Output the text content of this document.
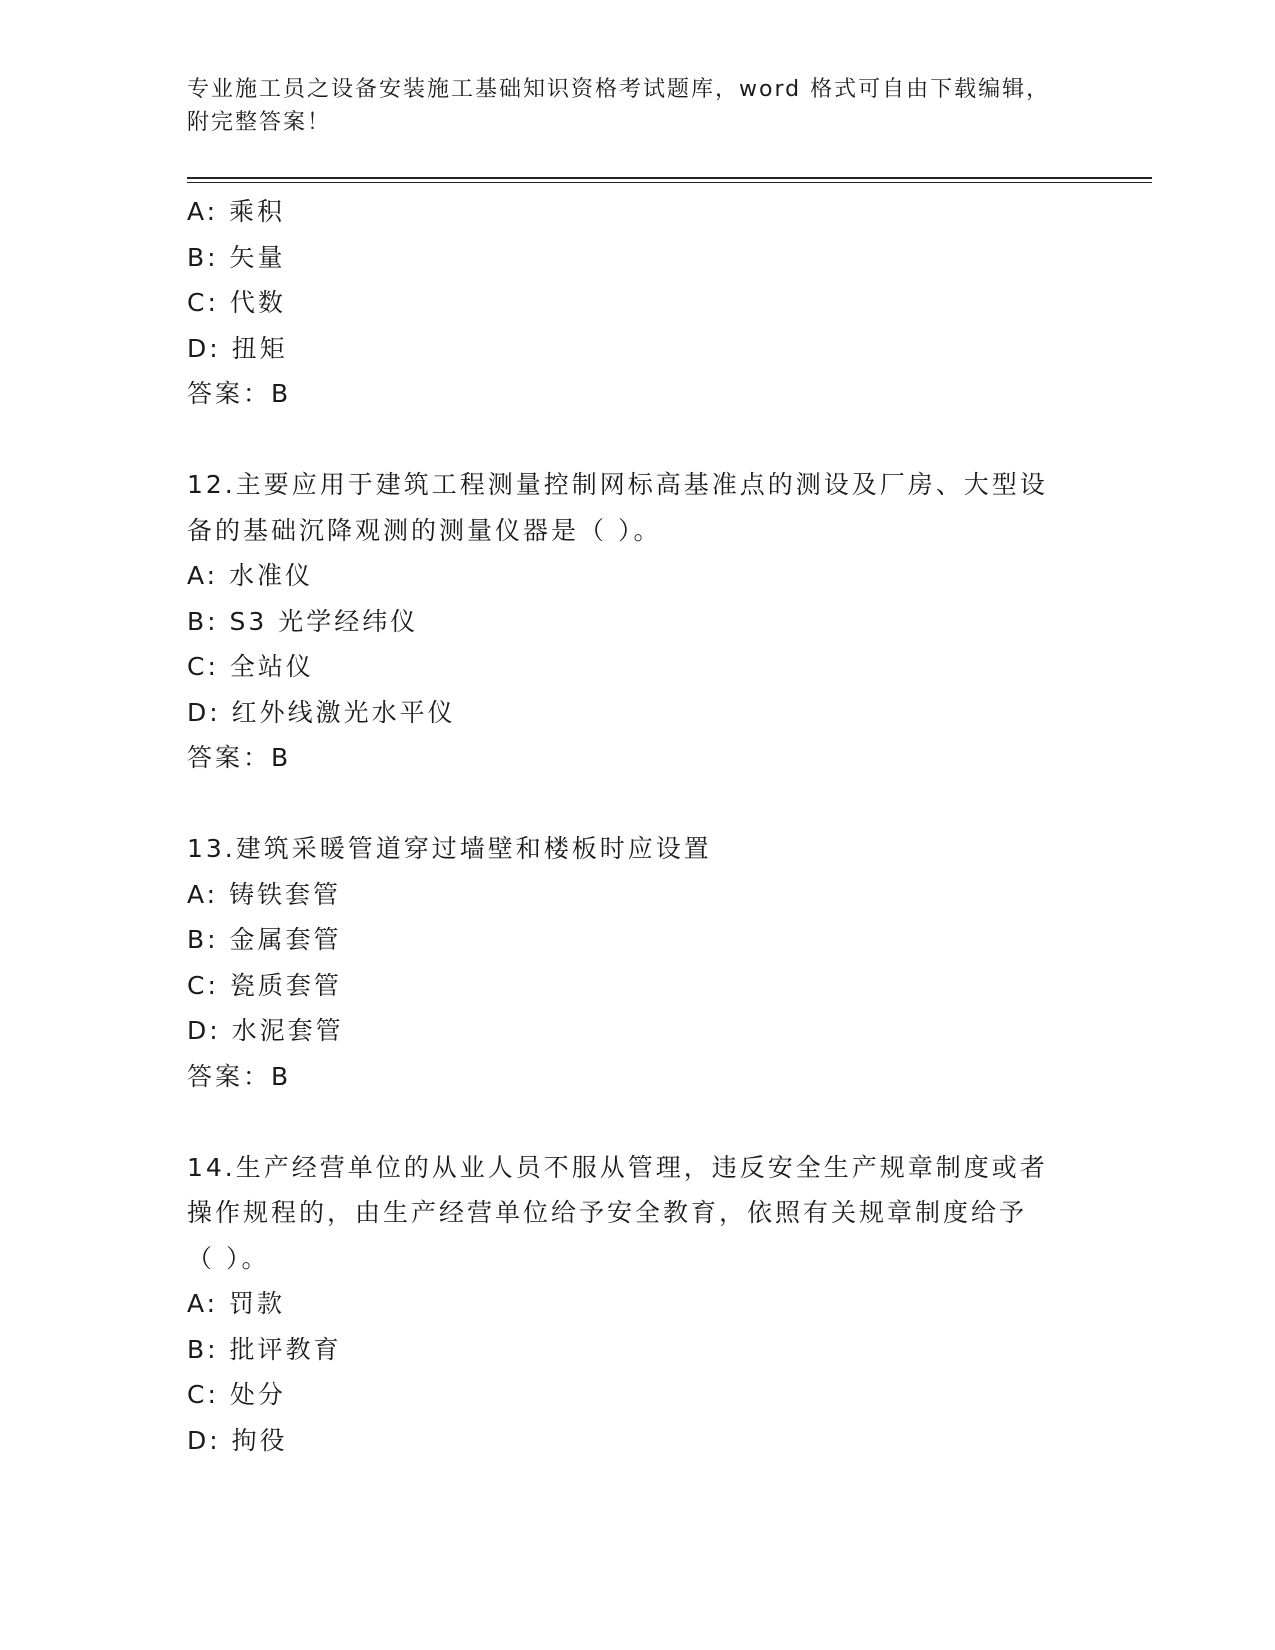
专业施工员之设备安装施工基础知识资格考试题库，word 格式可自由下载编辑，
附完整答案！

A: 乘积

B: 矢量

C: 代数

D: 扭矩

答案：B

12.主要应用于建筑工程测量控制网标高基准点的测设及厂房、大型设

备的基础沉降观测的测量仪器是（ ）。

A: 水准仪

B: S3 光学经纬仪

C: 全站仪

D: 红外线激光水平仪

答案：B

13.建筑采暖管道穿过墙壁和楼板时应设置

A: 铸铁套管

B: 金属套管

C: 瓷质套管

D: 水泥套管

答案：B

14.生产经营单位的从业人员不服从管理，违反安全生产规章制度或者

操作规程的，由生产经营单位给予安全教育，依照有关规章制度给予

（ ）。

A: 罚款

B: 批评教育

C: 处分

D: 拘役
